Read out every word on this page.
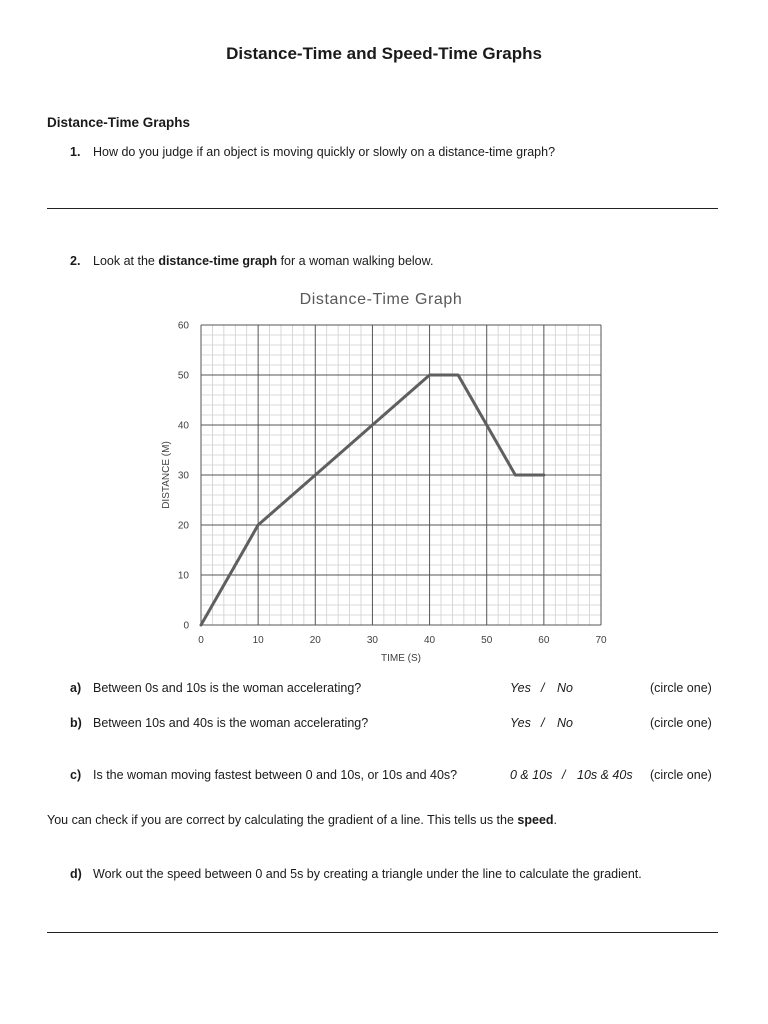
Distance-Time and Speed-Time Graphs
Distance-Time Graphs
1. How do you judge if an object is moving quickly or slowly on a distance-time graph?
2. Look at the distance-time graph for a woman walking below.
Distance-Time Graph
0
10
20
30
40
50
60
0	10	20	30	40	50	60	70
TIME (S)
DISTANCE (M)
a) Between 0s and 10s is the woman accelerating?	Yes / No	(circle one)
b) Between 10s and 40s is the woman accelerating?	Yes / No	(circle one)
c) Is the woman moving fastest between 0 and 10s, or 10s and 40s?	0 & 10s / 10s & 40s (circle one)
You can check if you are correct by calculating the gradient of a line. This tells us the speed.
d) Work out the speed between 0 and 5s by creating a triangle under the line to calculate the gradient.
